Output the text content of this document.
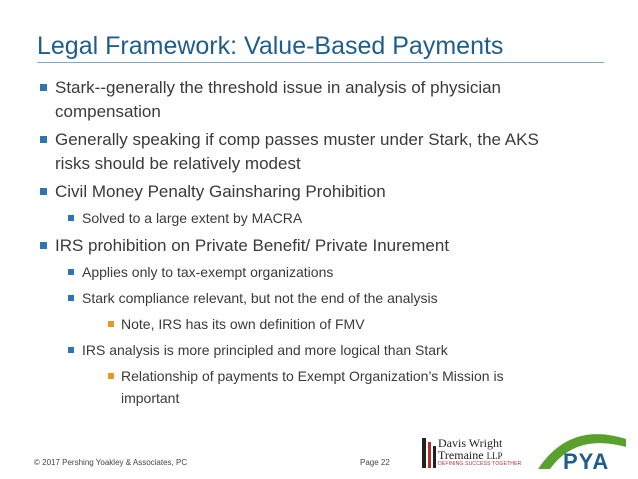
Legal Framework: Value-Based Payments
Stark--generally the threshold issue in analysis of physician
compensation
Generally speaking if comp passes muster under Stark, the AKS
risks should be relatively modest
Civil Money Penalty Gainsharing Prohibition
Solved to a large extent by MACRA
IRS prohibition on Private Benefit/ Private Inurement
Applies only to tax-exempt organizations
Stark compliance relevant, but not the end of the analysis
Note, IRS has its own definition of FMV
IRS analysis is more principled and more logical than Stark
Relationship of payments to Exempt Organization’s Mission is
important
© 2017 Pershing Yoakley & Associates, PC	Page 22
Davis Wright
Tremaine LLP
DEFINING SUCCESS TOGETHER PYA
